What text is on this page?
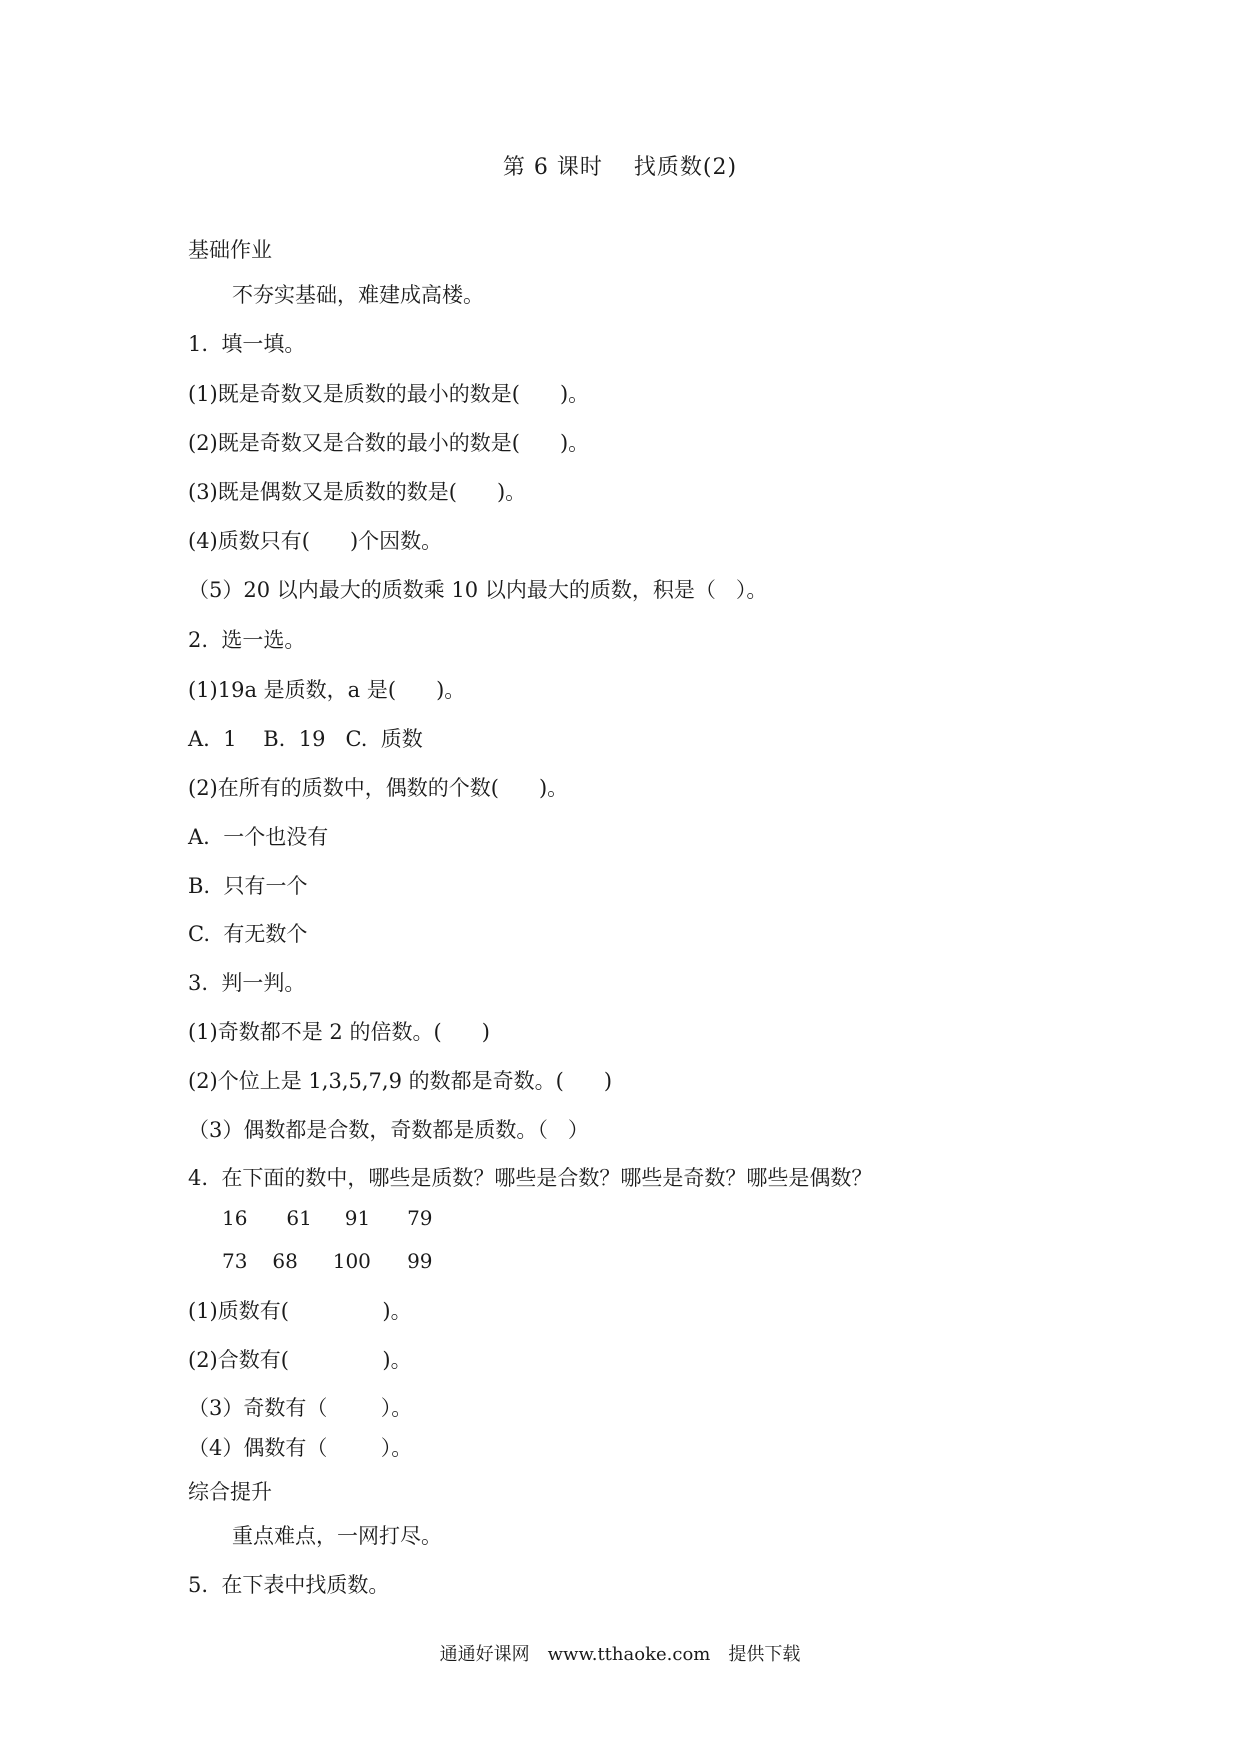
第 6 课时　 找质数(2)
基础作业
不夯实基础，难建成高楼。
1.  填一填。
(1)既是奇数又是质数的最小的数是(      )。
(2)既是奇数又是合数的最小的数是(      )。
(3)既是偶数又是质数的数是(      )。
(4)质数只有(      )个因数。
（5）20 以内最大的质数乘 10 以内最大的质数，积是（   ）。
2.  选一选。
(1)19a 是质数，a 是(      )。
A.  1    B.  19   C.  质数
(2)在所有的质数中，偶数的个数(      )。
A.  一个也没有
B.  只有一个
C.  有无数个
3.  判一判。
(1)奇数都不是 2 的倍数。(      )
(2)个位上是 1,3,5,7,9 的数都是奇数。(      )
（3）偶数都是合数，奇数都是质数。（   ）
4.  在下面的数中，哪些是质数？哪些是合数？哪些是奇数？哪些是偶数？
16 61 91 79
73 68 100 99
(1)质数有(              )。
(2)合数有(              )。
（3）奇数有（        ）。
（4）偶数有（        ）。
综合提升
重点难点，一网打尽。
5.  在下表中找质数。
通通好课网　www.tthaoke.com　提供下载
